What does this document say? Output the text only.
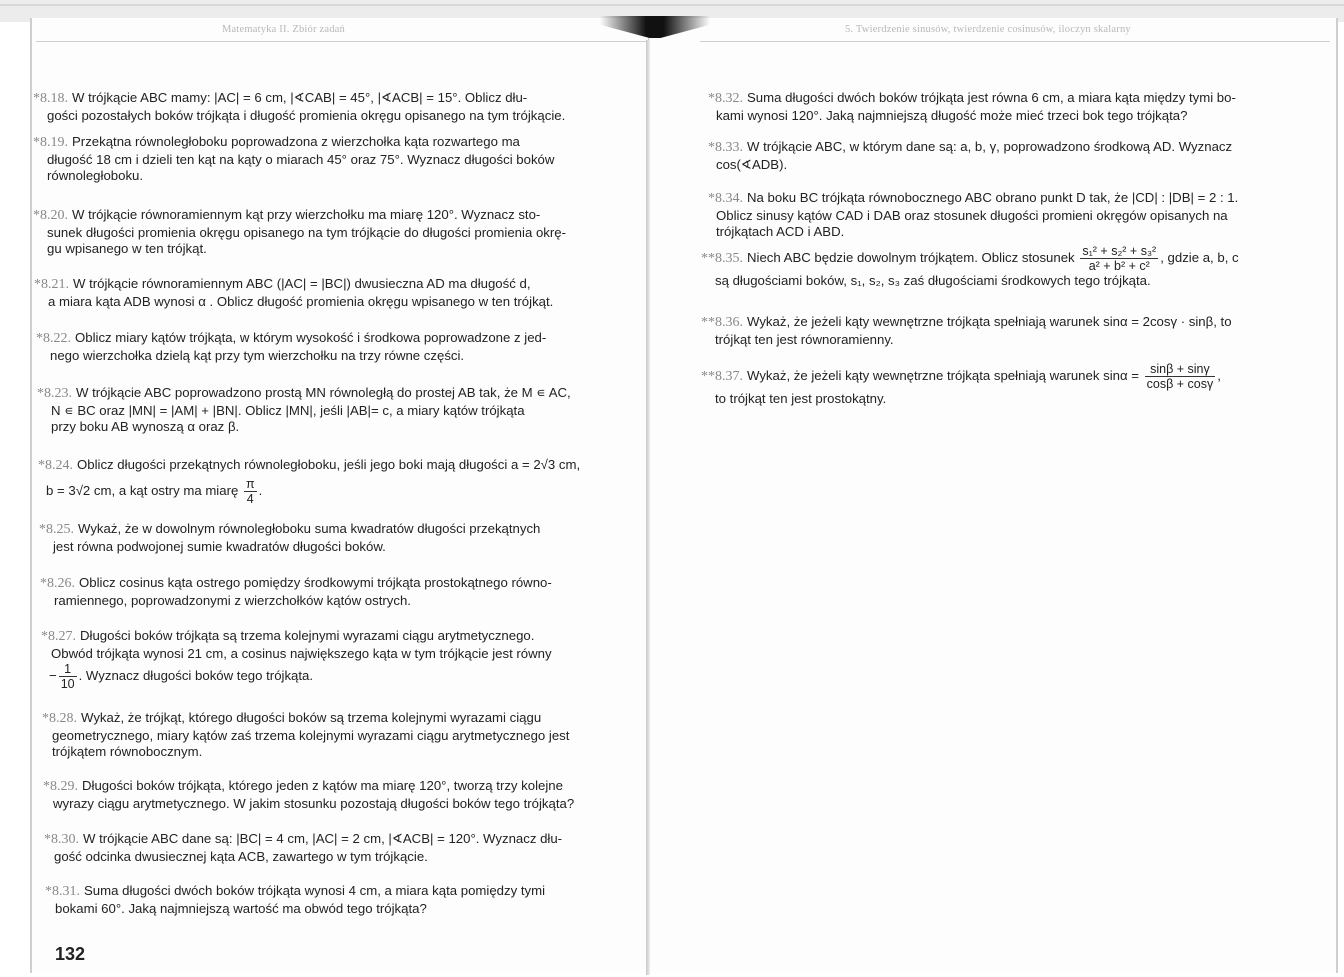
Matematyka II. Zbiór zadań	5. Twierdzenie sinusów, twierdzenie cosinusów, iloczyn skalarny
*8.18. W trójkącie ABC mamy: |AC| = 6 cm, |∢CAB| = 45°, |∢ACB| = 15°. Oblicz dłu-
gości pozostałych boków trójkąta i długość promienia okręgu opisanego na tym trójkącie.
*8.19. Przekątna równoległoboku poprowadzona z wierzchołka kąta rozwartego ma
długość 18 cm i dzieli ten kąt na kąty o miarach 45° oraz 75°. Wyznacz długości boków
równoległoboku.
*8.20. W trójkącie równoramiennym kąt przy wierzchołku ma miarę 120°. Wyznacz sto-
sunek długości promienia okręgu opisanego na tym trójkącie do długości promienia okrę-
gu wpisanego w ten trójkąt.
*8.21. W trójkącie równoramiennym ABC (|AC| = |BC|) dwusieczna AD ma długość d,
a miara kąta ADB wynosi α . Oblicz długość promienia okręgu wpisanego w ten trójkąt.
*8.22. Oblicz miary kątów trójkąta, w którym wysokość i środkowa poprowadzone z jed-
nego wierzchołka dzielą kąt przy tym wierzchołku na trzy równe części.
*8.23. W trójkącie ABC poprowadzono prostą MN równoległą do prostej AB tak, że M ∊ AC,
N ∊ BC oraz |MN| = |AM| + |BN|. Oblicz |MN|, jeśli |AB|= c, a miary kątów trójkąta
przy boku AB wynoszą α oraz β.
*8.24. Oblicz długości przekątnych równoległoboku, jeśli jego boki mają długości a = 2√3 cm,
b = 3√2 cm, a kąt ostry ma miarę $\frac{\pi}{4}$ .
*8.25. Wykaż, że w dowolnym równoległoboku suma kwadratów długości przekątnych
jest równa podwojonej sumie kwadratów długości boków.
*8.26. Oblicz cosinus kąta ostrego pomiędzy środkowymi trójkąta prostokątnego równo-
ramiennego, poprowadzonymi z wierzchołków kątów ostrych.
*8.27. Długości boków trójkąta są trzema kolejnymi wyrazami ciągu arytmetycznego.
Obwód trójkąta wynosi 21 cm, a cosinus największego kąta w tym trójkącie jest równy
− $\frac{1}{10}$ . Wyznacz długości boków tego trójkąta.
*8.28. Wykaż, że trójkąt, którego długości boków są trzema kolejnymi wyrazami ciągu
geometrycznego, miary kątów zaś trzema kolejnymi wyrazami ciągu arytmetycznego jest
trójkątem równobocznym.
*8.29. Długości boków trójkąta, którego jeden z kątów ma miarę 120°, tworzą trzy kolejne
wyrazy ciągu arytmetycznego. W jakim stosunku pozostają długości boków tego trójkąta?
*8.30. W trójkącie ABC dane są: |BC| = 4 cm, |AC| = 2 cm, |∢ACB| = 120°. Wyznacz dłu-
gość odcinka dwusiecznej kąta ACB, zawartego w tym trójkącie.
*8.31. Suma długości dwóch boków trójkąta wynosi 4 cm, a miara kąta pomiędzy tymi
bokami 60°. Jaką najmniejszą wartość ma obwód tego trójkąta?
132
*8.32. Suma długości dwóch boków trójkąta jest równa 6 cm, a miara kąta między tymi bo-
kami wynosi 120°. Jaką najmniejszą długość może mieć trzeci bok tego trójkąta?
*8.33. W trójkącie ABC, w którym dane są: a, b, γ, poprowadzono środkową AD. Wyznacz
cos(∢ADB).
*8.34. Na boku BC trójkąta równobocznego ABC obrano punkt D tak, że |CD| : |DB| = 2 : 1.
Oblicz sinusy kątów CAD i DAB oraz stosunek długości promieni okręgów opisanych na
trójkątach ACD i ABD.
**8.35. Niech ABC będzie dowolnym trójkątem. Oblicz stosunek $\frac{\text{s₁² + s₂² + s₃²}}{\text{a² + b² + c²}}$ , gdzie a, b, c
są długościami boków, s₁, s₂, s₃ zaś długościami środkowych tego trójkąta.
**8.36. Wykaż, że jeżeli kąty wewnętrzne trójkąta spełniają warunek sinα = 2cosγ · sinβ, to
trójkąt ten jest równoramienny.
**8.37. Wykaż, że jeżeli kąty wewnętrzne trójkąta spełniają warunek $\sin\alpha = \frac{\sin\beta + \sin\gamma}{\cos\beta + \cos\gamma}$ ,
to trójkąt ten jest prostokątny.
